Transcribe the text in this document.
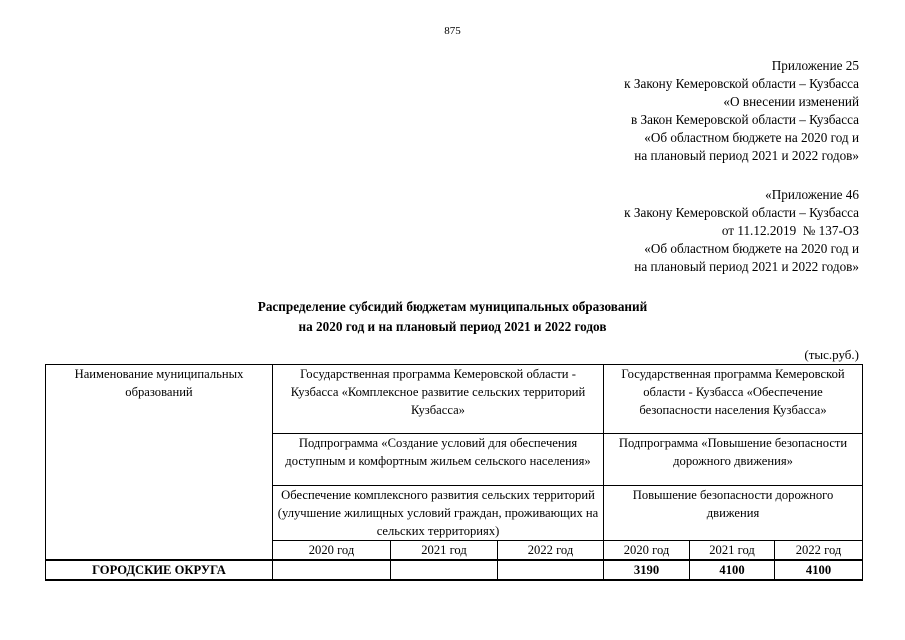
875
Приложение 25
к Закону Кемеровской области – Кузбасса
«О внесении изменений
в Закон Кемеровской области – Кузбасса
«Об областном бюджете на 2020 год и
на плановый период 2021 и 2022 годов»
«Приложение 46
к Закону Кемеровской области – Кузбасса
от 11.12.2019  № 137-ОЗ
«Об областном бюджете на 2020 год и
на плановый период 2021 и 2022 годов»
Распределение субсидий бюджетам муниципальных образований
на 2020 год и на плановый период 2021 и 2022 годов
(тыс.руб.)
Наименование муниципальных образований	Государственная программа Кемеровской области - Кузбасса «Комплексное развитие сельских территорий Кузбасса»			Государственная программа Кемеровской области - Кузбасса «Обеспечение безопасности населения Кузбасса»		
	Подпрограмма «Создание условий для обеспечения доступным и комфортным жильем сельского населения»			Подпрограмма «Повышение безопасности дорожного движения»		
	Обеспечение комплексного развития сельских территорий (улучшение жилищных условий граждан, проживающих на сельских территориях)			Повышение безопасности дорожного движения		
	2020 год	2021 год	2022 год	2020 год	2021 год	2022 год
ГОРОДСКИЕ ОКРУГА				3190	4100	4100
